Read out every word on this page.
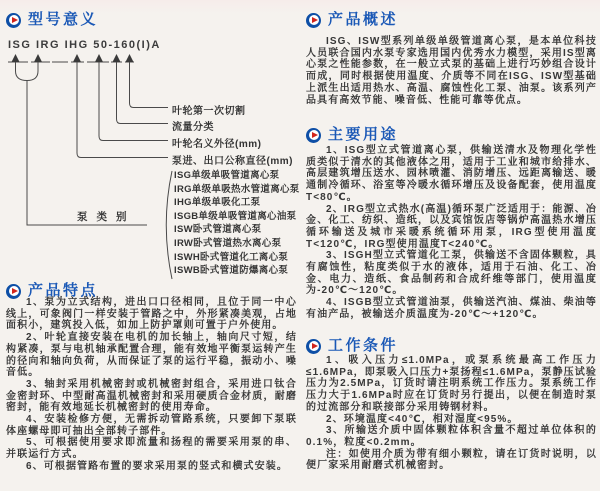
型号意义
ISG IRG IHG 50-160(I)A
叶轮第一次切割
流量分类
叶轮名义外径(mm)
泵进、出口公称直径(mm)
泵类别
ISG单级单吸管道离心泵
IRG单级单吸热水管道离心泵
IHG单级单吸化工泵
ISGB单级单吸管道离心油泵
ISW卧式管道离心泵
IRW卧式管道热水离心泵
ISWH卧式管道化工离心泵
ISWB卧式管道防爆离心泵
产品特点

1、泵为立式结构，进出口口径相同，且位于同一中心线上，可象阀门一样安装于管路之中，外形紧凑美观，占地面积小，建筑投入低，如加上防护罩则可置于户外使用。

2、叶轮直接安装在电机的加长轴上，轴向尺寸短，结构紧凑，泵与电机轴承配置合理，能有效地平衡泵运转产生的径向和轴向负荷，从而保证了泵的运行平稳，振动小、噪音低。

3、轴封采用机械密封或机械密封组合，采用进口钛合金密封环、中型耐高温机械密封和采用硬质合金材质，耐磨密封，能有效地延长机械密封的使用寿命。

4、安装检修方便，无需拆动管路系统，只要卸下泵联体座螺母即可抽出全部转子部件。

5、可根据使用要求即流量和扬程的需要采用泵的串、并联运行方式。

6、可根据管路布置的要求采用泵的竖式和横式安装。

产品概述

ISG、ISW型系列单级单级管道离心泵，是本单位科技人员联合国内水泵专家选用国内优秀水力模型，采用IS型离心泵之性能参数，在一般立式泵的基础上进行巧妙组合设计而成，同时根据使用温度、介质等不同在ISG、ISW型基础上派生出适用热水、高温、腐蚀性化工泵、油泵。该系列产品具有高效节能、噪音低、性能可靠等优点。

主要用途

1、ISG型立式管道离心泵，供输送清水及物理化学性质类似于清水的其他液体之用，适用于工业和城市给排水、高层建筑增压送水、园林喷灌、消防增压、远距离输送、暖通制冷循环、浴室等冷暖水循环增压及设备配套，使用温度T<80℃。

2、IRG型立式热水(高温)循环泵广泛适用于：能源、冶金、化工、纺织、造纸，以及宾馆饭店等锅炉高温热水增压循环输送及城市采暖系统循环用泵，IRG型使用温度T<120℃，IRG型使用温度T<240℃。

3、ISGH型立式管道化工泵，供输送不含固体颗粒，具有腐蚀性，粘度类似于水的液体，适用于石油、化工、冶金、电力、造纸、食品制药和合成纤维等部门，使用温度为-20℃～120℃。

4、ISGB型立式管道油泵，供输送汽油、煤油、柴油等有油产品，被输送介质温度为-20℃～+120℃。

工作条件

1、吸入压力≤1.0MPa，或泵系统最高工作压力≤1.6MPa，即泵吸入口压力+泵扬程≤1.6MPa，泵静压试验压力为2.5MPa，订货时请注明系统工作压力。泵系统工作压力大于1.6MPa时应在订货时另行提出，以便在制造时泵的过流部分和联接部分采用铸钢材料。

2、环境温度<40℃，相对湿度<95%。

3、所输送介质中固体颗粒体积含量不超过单位体积的0.1%，粒度<0.2mm。

注：如使用介质为带有细小颗粒，请在订货时说明，以便厂家采用耐磨式机械密封。
